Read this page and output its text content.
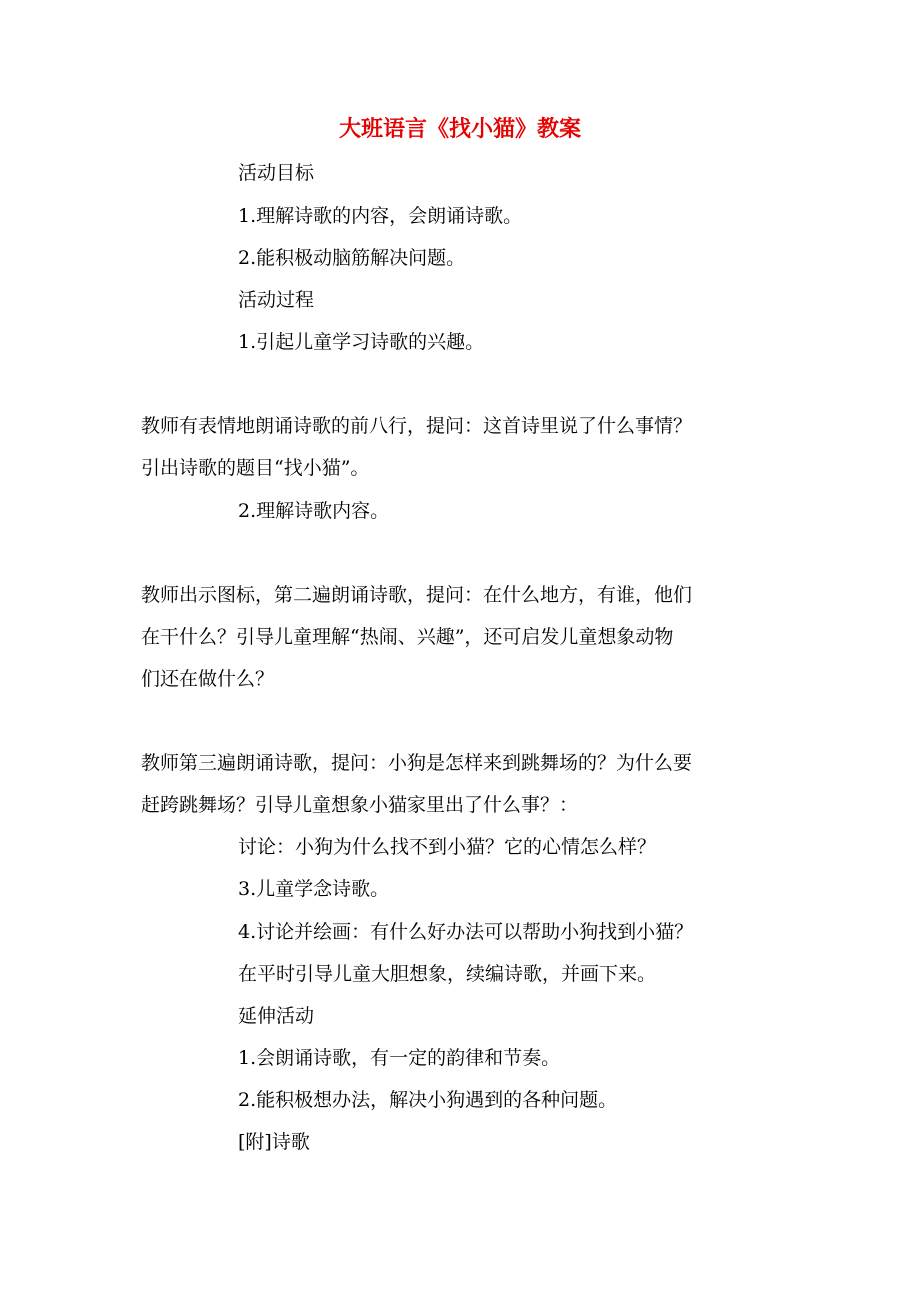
大班语言《找小猫》教案
活动目标
1.理解诗歌的内容，会朗诵诗歌。
2.能积极动脑筋解决问题。
活动过程
1.引起儿童学习诗歌的兴趣。
教师有表情地朗诵诗歌的前八行，提问：这首诗里说了什么事情？
引出诗歌的题目“找小猫”。
2.理解诗歌内容。
教师出示图标，第二遍朗诵诗歌，提问：在什么地方，有谁，他们
在干什么？引导儿童理解“热闹、兴趣”，还可启发儿童想象动物
们还在做什么？
教师第三遍朗诵诗歌，提问：小狗是怎样来到跳舞场的？为什么要
赶跨跳舞场？引导儿童想象小猫家里出了什么事？：
讨论：小狗为什么找不到小猫？它的心情怎么样？
3.儿童学念诗歌。
4.讨论并绘画：有什么好办法可以帮助小狗找到小猫？
在平时引导儿童大胆想象，续编诗歌，并画下来。
延伸活动
1.会朗诵诗歌，有一定的韵律和节奏。
2.能积极想办法，解决小狗遇到的各种问题。
[附]诗歌
